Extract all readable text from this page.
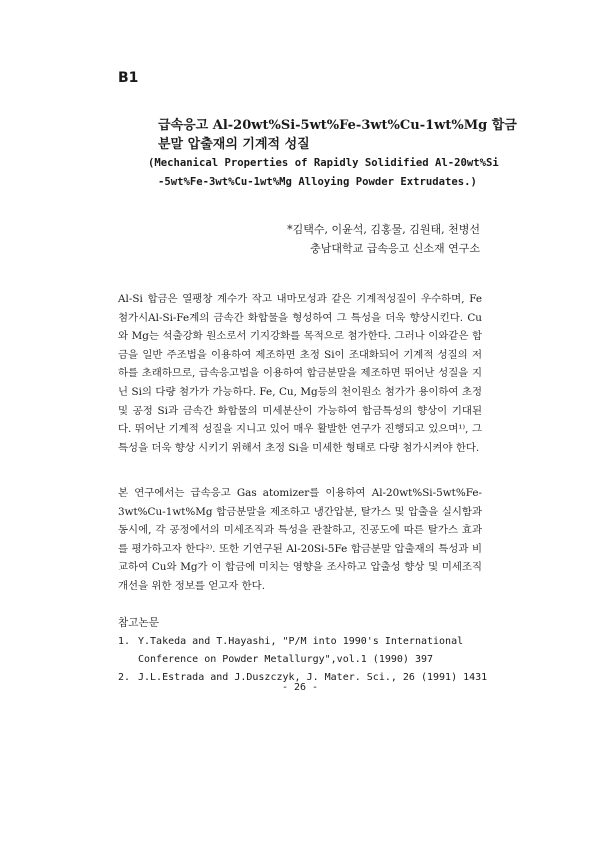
B1
급속응고 Al-20wt%Si-5wt%Fe-3wt%Cu-1wt%Mg 합금
분말 압출재의 기계적 성질
(Mechanical Properties of Rapidly Solidified Al-20wt%Si
-5wt%Fe-3wt%Cu-1wt%Mg Alloying Powder Extrudates.)
*김택수, 이윤석, 김홍물, 김원태, 천병선
충남대학교 급속응고 신소재 연구소

Al-Si 합금은 열팽창 계수가 작고 내마모성과 같은 기계적성질이 우수하며, Fe 첨가시Al-Si-Fe계의 금속간 화합물을 형성하여 그 특성을 더욱 향상시킨다. Cu와 Mg는 석출강화 원소로서 기지강화를 목적으로 첨가한다. 그러나 이와같은 합금을 일반 주조법을 이용하여 제조하면 초정 Si이 조대화되어 기계적 성질의 저하를 초래하므로, 급속응고법을 이용하여 합금분말을 제조하면 뛰어난 성질을 지닌 Si의 다량 첨가가 가능하다. Fe, Cu, Mg등의 천이원소 첨가가 용이하여 초정 및 공정 Si과 금속간 화합물의 미세분산이 가능하여 합금특성의 향상이 기대된다. 뛰어난 기계적 성질을 지니고 있어 매우 활발한 연구가 진행되고 있으며¹⁾, 그 특성을 더욱 향상 시키기 위해서 초정 Si을 미세한 형태로 다량 첨가시켜야 한다.

본 연구에서는 급속응고 Gas atomizer를 이용하여 Al-20wt%Si-5wt%Fe-3wt%Cu-1wt%Mg 합금분말을 제조하고 냉간압분, 탈가스 및 압출을 실시함과 동시에, 각 공정에서의 미세조직과 특성을 관찰하고, 진공도에 따른 탈가스 효과를 평가하고자 한다²⁾. 또한 기연구된 Al-20Si-5Fe 합금분말 압출재의 특성과 비교하여 Cu와 Mg가 이 합금에 미치는 영향을 조사하고 압출성 향상 및 미세조직 개선을 위한 정보를 얻고자 한다.

참고논문
1. Y.Takeda and T.Hayashi, "P/M into 1990's International Conference on Powder Metallurgy",vol.1 (1990) 397
2. J.L.Estrada and J.Duszczyk, J. Mater. Sci., 26 (1991) 1431
- 26 -
